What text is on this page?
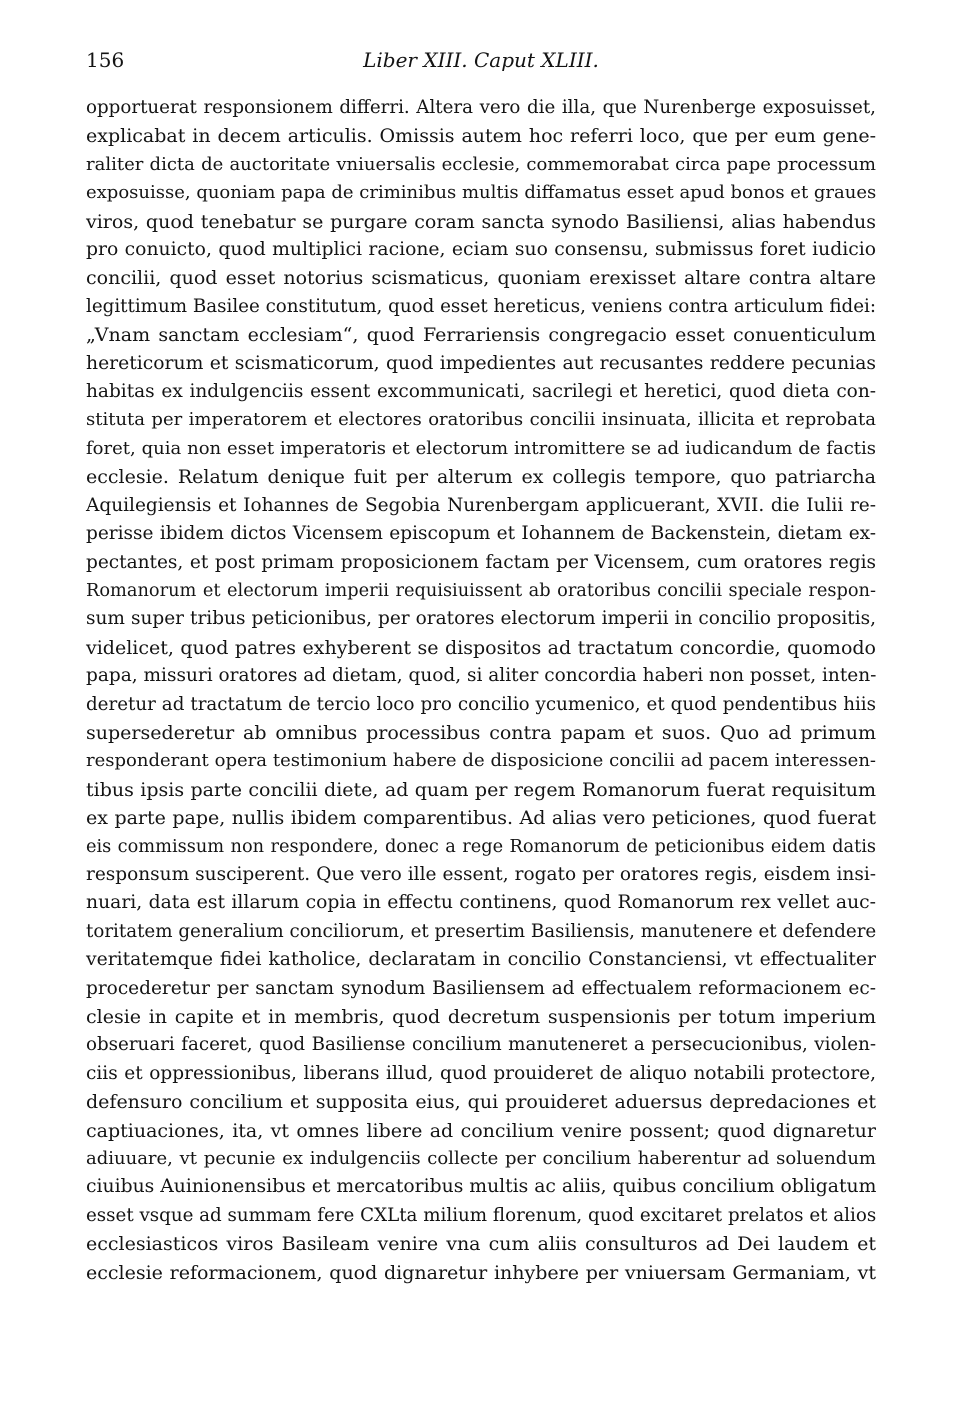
156	Liber XIII. Caput XLIII.
opportuerat responsionem differri. Altera vero die illa, que Nurenberge exposuisset,
explicabat in decem articulis. Omissis autem hoc referri loco, que per eum gene-
raliter dicta de auctoritate vniuersalis ecclesie, commemorabat circa pape processum
exposuisse, quoniam papa de criminibus multis diffamatus esset apud bonos et graues
viros, quod tenebatur se purgare coram sancta synodo Basiliensi, alias habendus
pro conuicto, quod multiplici racione, eciam suo consensu, submissus foret iudicio
concilii, quod esset notorius scismaticus, quoniam erexisset altare contra altare
legittimum Basilee constitutum, quod esset hereticus, veniens contra articulum fidei:
„Vnam sanctam ecclesiam“, quod Ferrariensis congregacio esset conuenticulum
hereticorum et scismaticorum, quod impedientes aut recusantes reddere pecunias
habitas ex indulgenciis essent excommunicati, sacrilegi et heretici, quod dieta con-
stituta per imperatorem et electores oratoribus concilii insinuata, illicita et reprobata
foret, quia non esset imperatoris et electorum intromittere se ad iudicandum de factis
ecclesie. Relatum denique fuit per alterum ex collegis tempore, quo patriarcha
Aquilegiensis et Iohannes de Segobia Nurenbergam applicuerant, XVII. die Iulii re-
perisse ibidem dictos Vicensem episcopum et Iohannem de Backenstein, dietam ex-
pectantes, et post primam proposicionem factam per Vicensem, cum oratores regis
Romanorum et electorum imperii requisiuissent ab oratoribus concilii speciale respon-
sum super tribus peticionibus, per oratores electorum imperii in concilio propositis,
videlicet, quod patres exhyberent se dispositos ad tractatum concordie, quomodo
papa, missuri oratores ad dietam, quod, si aliter concordia haberi non posset, inten-
deretur ad tractatum de tercio loco pro concilio ycumenico, et quod pendentibus hiis
supersederetur ab omnibus processibus contra papam et suos. Quo ad primum
responderant opera testimonium habere de disposicione concilii ad pacem interessen-
tibus ipsis parte concilii diete, ad quam per regem Romanorum fuerat requisitum
ex parte pape, nullis ibidem comparentibus. Ad alias vero peticiones, quod fuerat
eis commissum non respondere, donec a rege Romanorum de peticionibus eidem datis
responsum susciperent. Que vero ille essent, rogato per oratores regis, eisdem insi-
nuari, data est illarum copia in effectu continens, quod Romanorum rex vellet auc-
toritatem generalium conciliorum, et presertim Basiliensis, manutenere et defendere
veritatemque fidei katholice, declaratam in concilio Constanciensi, vt effectualiter
procederetur per sanctam synodum Basiliensem ad effectualem reformacionem ec-
clesie in capite et in membris, quod decretum suspensionis per totum imperium
obseruari faceret, quod Basiliense concilium manuteneret a persecucionibus, violen-
ciis et oppressionibus, liberans illud, quod prouideret de aliquo notabili protectore,
defensuro concilium et supposita eius, qui prouideret aduersus depredaciones et
captiuaciones, ita, vt omnes libere ad concilium venire possent; quod dignaretur
adiuuare, vt pecunie ex indulgenciis collecte per concilium haberentur ad soluendum
ciuibus Auinionensibus et mercatoribus multis ac aliis, quibus concilium obligatum
esset vsque ad summam fere CXLta milium florenum, quod excitaret prelatos et alios
ecclesiasticos viros Basileam venire vna cum aliis consulturos ad Dei laudem et
ecclesie reformacionem, quod dignaretur inhybere per vniuersam Germaniam, vt
